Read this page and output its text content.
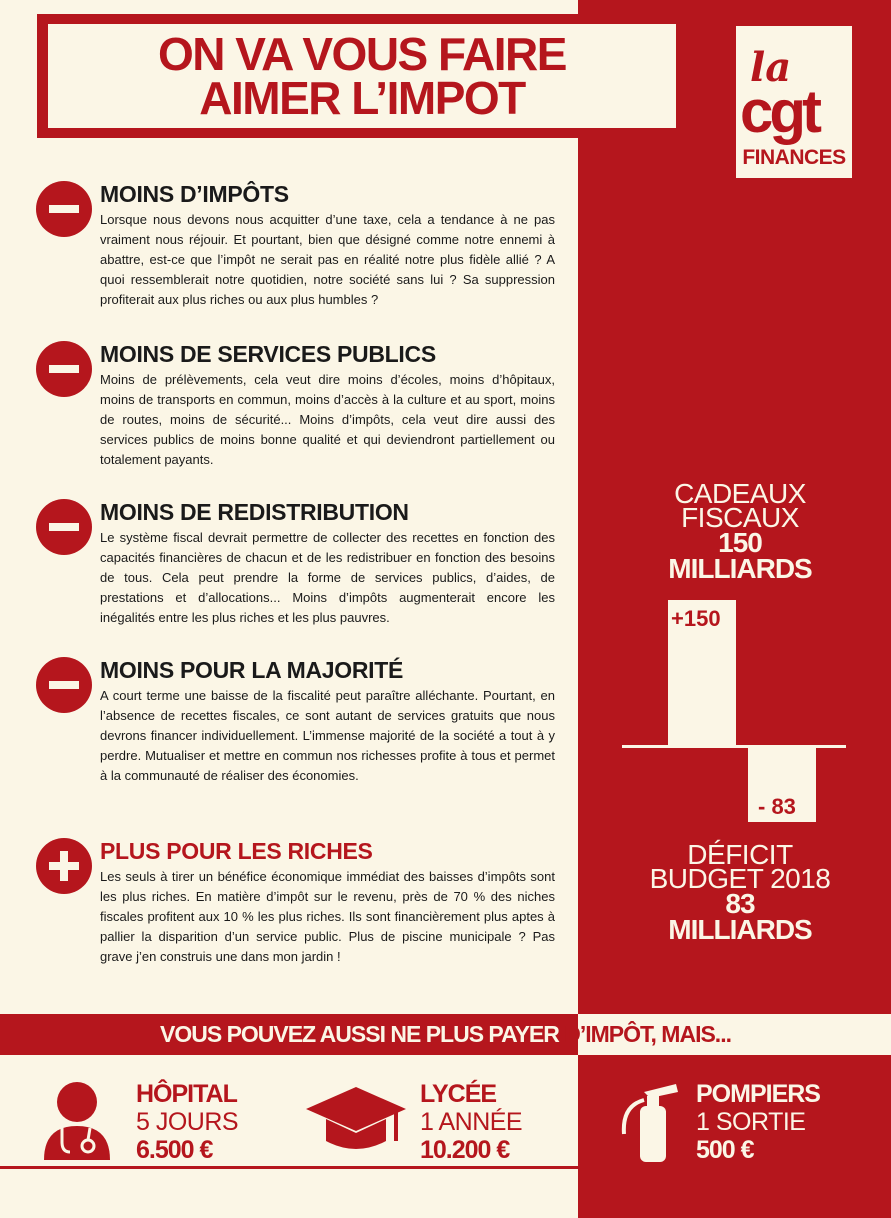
ON VA VOUS FAIRE
AIMER L’IMPOT
la
cgt
FINANCES
MOINS D’IMPÔTS
Lorsque nous devons nous acquitter d’une taxe, cela a tendance à ne pas vraiment nous réjouir. Et pourtant, bien que désigné comme notre ennemi à abattre, est-ce que l’impôt ne serait pas en réalité notre plus fidèle allié ? A quoi ressemblerait notre quotidien, notre société sans lui ? Sa suppression profiterait aux plus riches ou aux plus humbles ?
MOINS DE SERVICES PUBLICS
Moins de prélèvements, cela veut dire moins d’écoles, moins d’hôpitaux, moins de transports en commun, moins d’accès à la culture et au sport, moins de routes, moins de sécurité... Moins d’impôts, cela veut dire aussi des services publics de moins bonne qualité et qui deviendront partiellement ou totalement payants.
MOINS DE REDISTRIBUTION
Le système fiscal devrait permettre de collecter des recettes en fonction des capacités financières de chacun et de les redistribuer en fonction des besoins de tous. Cela peut prendre la forme de services publics, d’aides, de prestations et d’allocations... Moins d’impôts augmenterait encore les inégalités entre les plus riches et les plus pauvres.
MOINS POUR LA MAJORITÉ
A court terme une baisse de la fiscalité peut paraître alléchante. Pourtant, en l’absence de recettes fiscales, ce sont autant de services gratuits que nous devrons financer individuellement. L’immense majorité de la société a tout à y perdre. Mutualiser et mettre en commun nos richesses profite à tous et permet à la communauté de réaliser des économies.
PLUS POUR LES RICHES
Les seuls à tirer un bénéfice économique immédiat des baisses d’impôts sont les plus riches. En matière d’impôt sur le revenu, près de 70 % des niches fiscales profitent aux 10 % les plus riches. Ils sont financièrement plus aptes à pallier la disparition d’un service public. Plus de piscine municipale ? Pas grave j’en construis une dans mon jardin !
CADEAUX
FISCAUX
150
MILLIARDS
+150
- 83
DÉFICIT
BUDGET 2018
83
MILLIARDS
VOUS POUVEZ AUSSI NE PLUS PAYER D’IMPÔT, MAIS...
HÔPITAL
5 JOURS
6.500 €
LYCÉE
1 ANNÉE
10.200 €
POMPIERS
1 SORTIE
500 €
